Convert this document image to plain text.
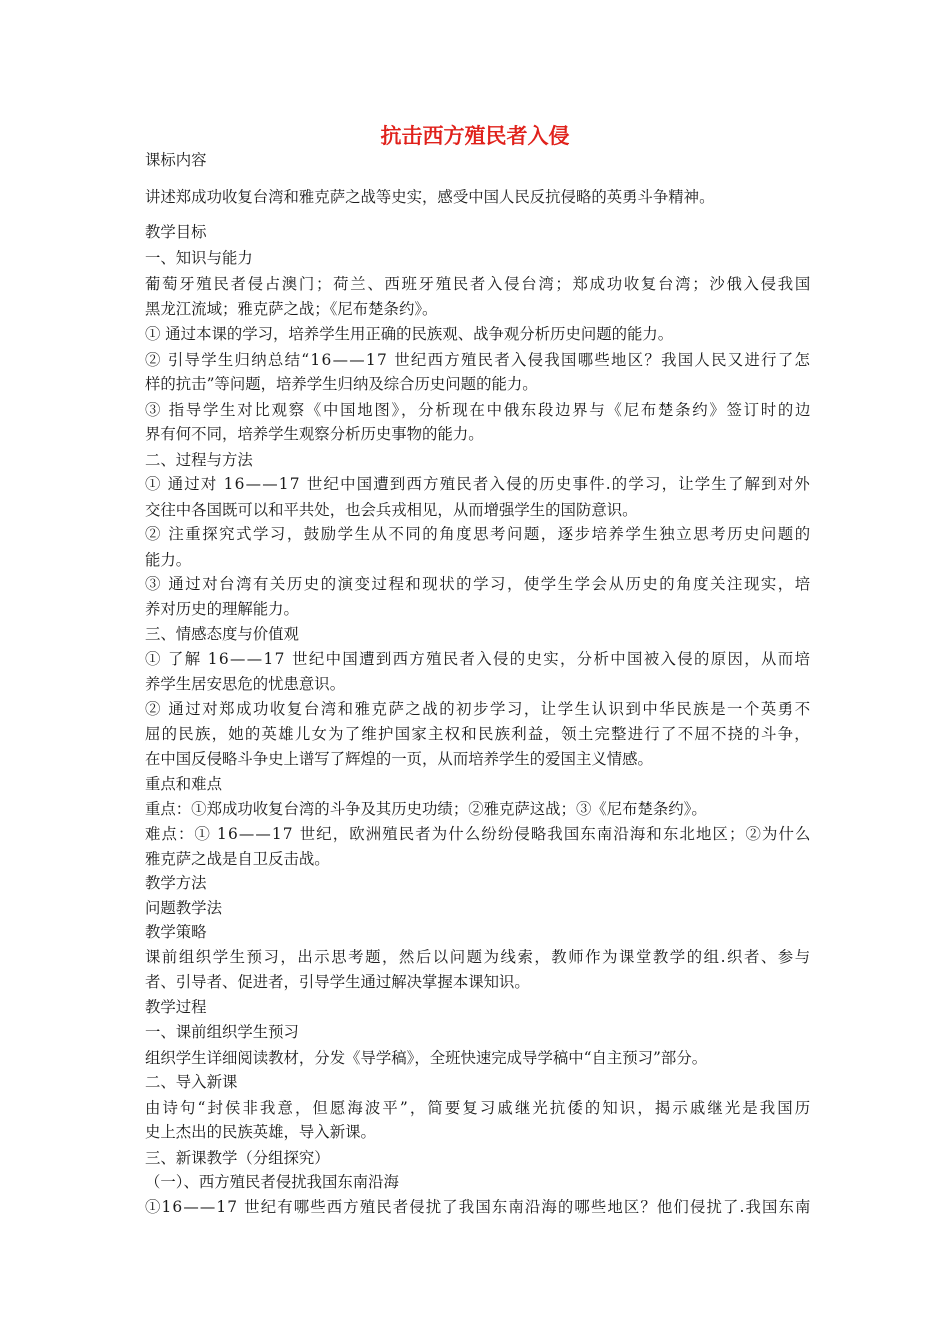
抗击西方殖民者入侵
课标内容
讲述郑成功收复台湾和雅克萨之战等史实，感受中国人民反抗侵略的英勇斗争精神。
教学目标
一、知识与能力
葡萄牙殖民者侵占澳门；荷兰、西班牙殖民者入侵台湾；郑成功收复台湾；沙俄入侵我国
黑龙江流域；雅克萨之战；《尼布楚条约》。
① 通过本课的学习，培养学生用正确的民族观、战争观分析历史问题的能力。
② 引导学生归纳总结“16——17 世纪西方殖民者入侵我国哪些地区？我国人民又进行了怎
样的抗击”等问题，培养学生归纳及综合历史问题的能力。
③ 指导学生对比观察《中国地图》，分析现在中俄东段边界与《尼布楚条约》签订时的边
界有何不同，培养学生观察分析历史事物的能力。
二、过程与方法
① 通过对 16——17 世纪中国遭到西方殖民者入侵的历史事件.的学习，让学生了解到对外
交往中各国既可以和平共处，也会兵戎相见，从而增强学生的国防意识。
② 注重探究式学习，鼓励学生从不同的角度思考问题，逐步培养学生独立思考历史问题的
能力。
③ 通过对台湾有关历史的演变过程和现状的学习，使学生学会从历史的角度关注现实，培
养对历史的理解能力。
三、情感态度与价值观
① 了解 16——17 世纪中国遭到西方殖民者入侵的史实，分析中国被入侵的原因，从而培
养学生居安思危的忧患意识。
② 通过对郑成功收复台湾和雅克萨之战的初步学习，让学生认识到中华民族是一个英勇不
屈的民族，她的英雄儿女为了维护国家主权和民族利益，领土完整进行了不屈不挠的斗争，
在中国反侵略斗争史上谱写了辉煌的一页，从而培养学生的爱国主义情感。
重点和难点
重点：①郑成功收复台湾的斗争及其历史功绩；②雅克萨这战；③《尼布楚条约》。
难点：① 16——17 世纪，欧洲殖民者为什么纷纷侵略我国东南沿海和东北地区；②为什么
雅克萨之战是自卫反击战。
教学方法
问题教学法
教学策略
课前组织学生预习，出示思考题，然后以问题为线索，教师作为课堂教学的组.织者、参与
者、引导者、促进者，引导学生通过解决掌握本课知识。
教学过程
一、课前组织学生预习
组织学生详细阅读教材，分发《导学稿》，全班快速完成导学稿中“自主预习”部分。
二、导入新课
由诗句“封侯非我意，但愿海波平”，简要复习戚继光抗倭的知识，揭示戚继光是我国历
史上杰出的民族英雄，导入新课。
三、新课教学（分组探究）
（一）、西方殖民者侵扰我国东南沿海
①16——17 世纪有哪些西方殖民者侵扰了我国东南沿海的哪些地区？他们侵扰了.我国东南
